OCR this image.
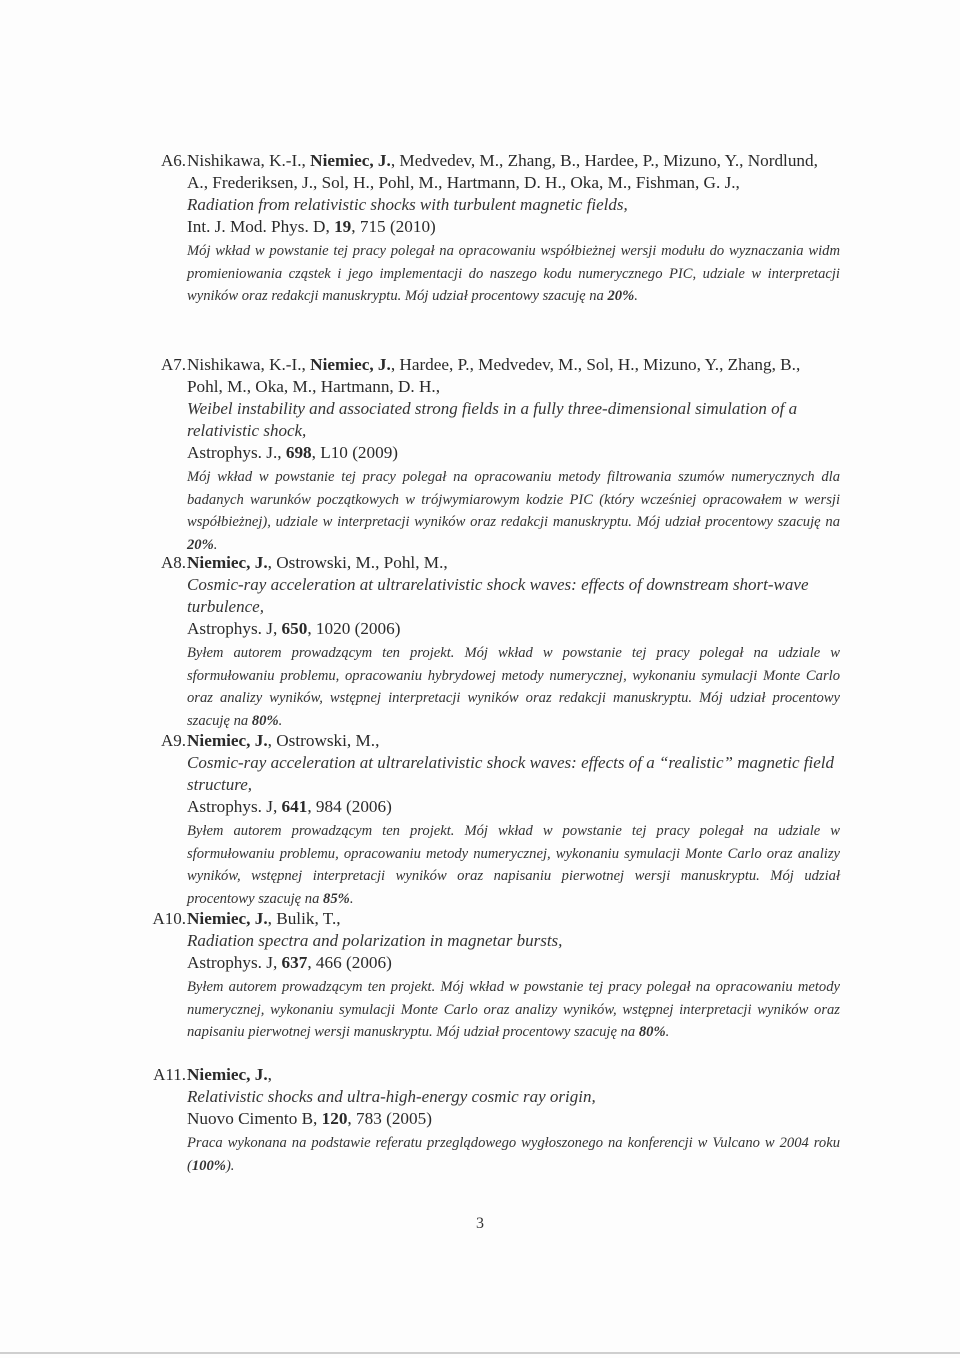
A6. Nishikawa, K.-I., Niemiec, J., Medvedev, M., Zhang, B., Hardee, P., Mizuno, Y., Nordlund, A., Frederiksen, J., Sol, H., Pohl, M., Hartmann, D. H., Oka, M., Fishman, G. J.,
Radiation from relativistic shocks with turbulent magnetic fields,
Int. J. Mod. Phys. D, 19, 715 (2010)
Mój wkład w powstanie tej pracy polegał na opracowaniu współbieżnej wersji modułu do wyznaczania widm promieniowania cząstek i jego implementacji do naszego kodu numerycznego PIC, udziale w interpretacji wyników oraz redakcji manuskryptu. Mój udział procentowy szacuję na 20%.
A7. Nishikawa, K.-I., Niemiec, J., Hardee, P., Medvedev, M., Sol, H., Mizuno, Y., Zhang, B., Pohl, M., Oka, M., Hartmann, D. H.,
Weibel instability and associated strong fields in a fully three-dimensional simulation of a relativistic shock,
Astrophys. J., 698, L10 (2009)
Mój wkład w powstanie tej pracy polegał na opracowaniu metody filtrowania szumów numerycznych dla badanych warunków początkowych w trójwymiarowym kodzie PIC (który wcześniej opracowałem w wersji współbieżnej), udziale w interpretacji wyników oraz redakcji manuskryptu. Mój udział procentowy szacuję na 20%.
A8. Niemiec, J., Ostrowski, M., Pohl, M.,
Cosmic-ray acceleration at ultrarelativistic shock waves: effects of downstream short-wave turbulence,
Astrophys. J, 650, 1020 (2006)
Byłem autorem prowadzącym ten projekt. Mój wkład w powstanie tej pracy polegał na udziale w sformułowaniu problemu, opracowaniu hybrydowej metody numerycznej, wykonaniu symulacji Monte Carlo oraz analizy wyników, wstępnej interpretacji wyników oraz redakcji manuskryptu. Mój udział procentowy szacuję na 80%.
A9. Niemiec, J., Ostrowski, M.,
Cosmic-ray acceleration at ultrarelativistic shock waves: effects of a “realistic” magnetic field structure,
Astrophys. J, 641, 984 (2006)
Byłem autorem prowadzącym ten projekt. Mój wkład w powstanie tej pracy polegał na udziale w sformułowaniu problemu, opracowaniu metody numerycznej, wykonaniu symulacji Monte Carlo oraz analizy wyników, wstępnej interpretacji wyników oraz napisaniu pierwotnej wersji manuskryptu. Mój udział procentowy szacuję na 85%.
A10. Niemiec, J., Bulik, T.,
Radiation spectra and polarization in magnetar bursts,
Astrophys. J, 637, 466 (2006)
Byłem autorem prowadzącym ten projekt. Mój wkład w powstanie tej pracy polegał na opracowaniu metody numerycznej, wykonaniu symulacji Monte Carlo oraz analizy wyników, wstępnej interpretacji wyników oraz napisaniu pierwotnej wersji manuskryptu. Mój udział procentowy szacuję na 80%.
A11. Niemiec, J.,
Relativistic shocks and ultra-high-energy cosmic ray origin,
Nuovo Cimento B, 120, 783 (2005)
Praca wykonana na podstawie referatu przeglądowego wygłoszonego na konferencji w Vulcano w 2004 roku (100%).
3
